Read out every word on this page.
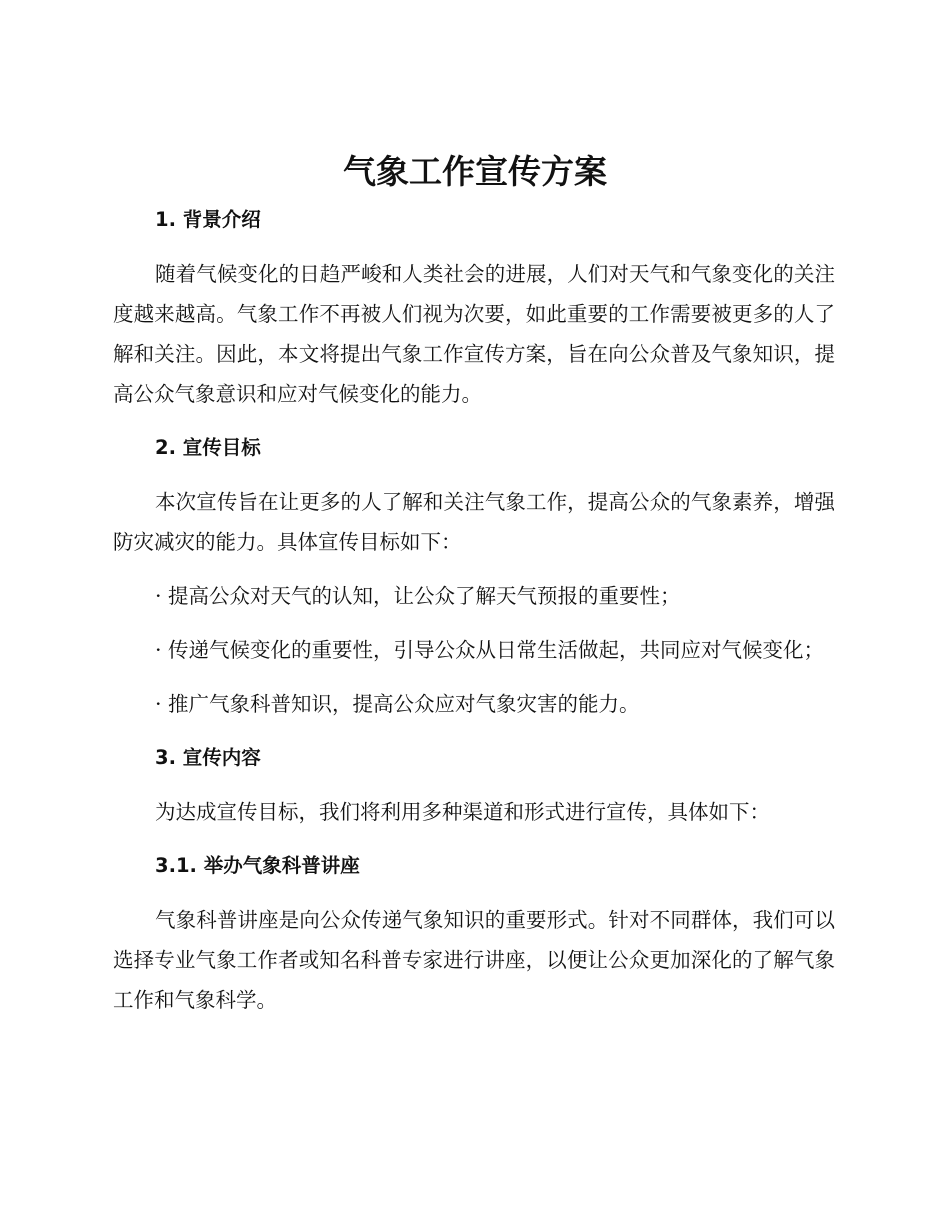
气象工作宣传方案
1. 背景介绍
随着气候变化的日趋严峻和人类社会的进展，人们对天气和气象变化的关注度越来越高。气象工作不再被人们视为次要，如此重要的工作需要被更多的人了解和关注。因此，本文将提出气象工作宣传方案，旨在向公众普及气象知识，提高公众气象意识和应对气候变化的能力。
2. 宣传目标
本次宣传旨在让更多的人了解和关注气象工作，提高公众的气象素养，增强防灾减灾的能力。具体宣传目标如下：
· 提高公众对天气的认知，让公众了解天气预报的重要性；
· 传递气候变化的重要性，引导公众从日常生活做起，共同应对气候变化；
· 推广气象科普知识，提高公众应对气象灾害的能力。
3. 宣传内容
为达成宣传目标，我们将利用多种渠道和形式进行宣传，具体如下：
3.1. 举办气象科普讲座
气象科普讲座是向公众传递气象知识的重要形式。针对不同群体，我们可以选择专业气象工作者或知名科普专家进行讲座，以便让公众更加深化的了解气象工作和气象科学。
